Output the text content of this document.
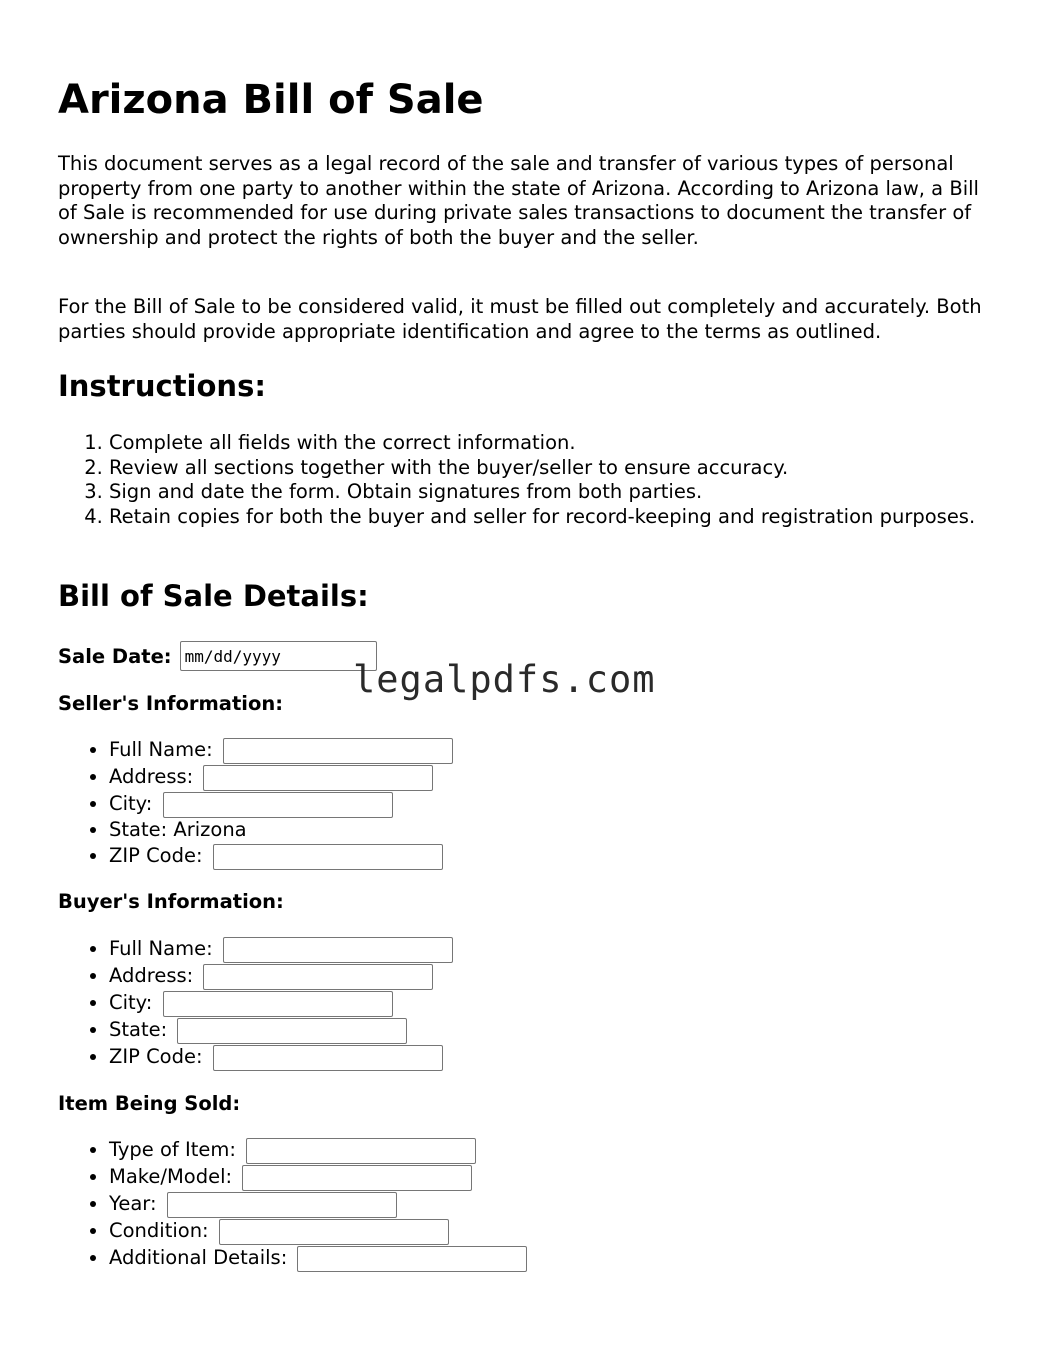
Arizona Bill of Sale

This document serves as a legal record of the sale and transfer of various types of personal property from one party to another within the state of Arizona. According to Arizona law, a Bill of Sale is recommended for use during private sales transactions to document the transfer of ownership and protect the rights of both the buyer and the seller.

For the Bill of Sale to be considered valid, it must be filled out completely and accurately. Both parties should provide appropriate identification and agree to the terms as outlined.

Instructions:
1. Complete all fields with the correct information.
2. Review all sections together with the buyer/seller to ensure accuracy.
3. Sign and date the form. Obtain signatures from both parties.
4. Retain copies for both the buyer and seller for record-keeping and registration purposes.
Bill of Sale Details:
Sale Date:
mm/dd/yyyy
Seller's Information:
• Full Name:
• Address:
• City:
• State: Arizona
• ZIP Code:
Buyer's Information:
• Full Name:
• Address:
• City:
• State:
• ZIP Code:
Item Being Sold:
• Type of Item:
• Make/Model:
• Year:
• Condition:
• Additional Details:
legalpdfs.com
